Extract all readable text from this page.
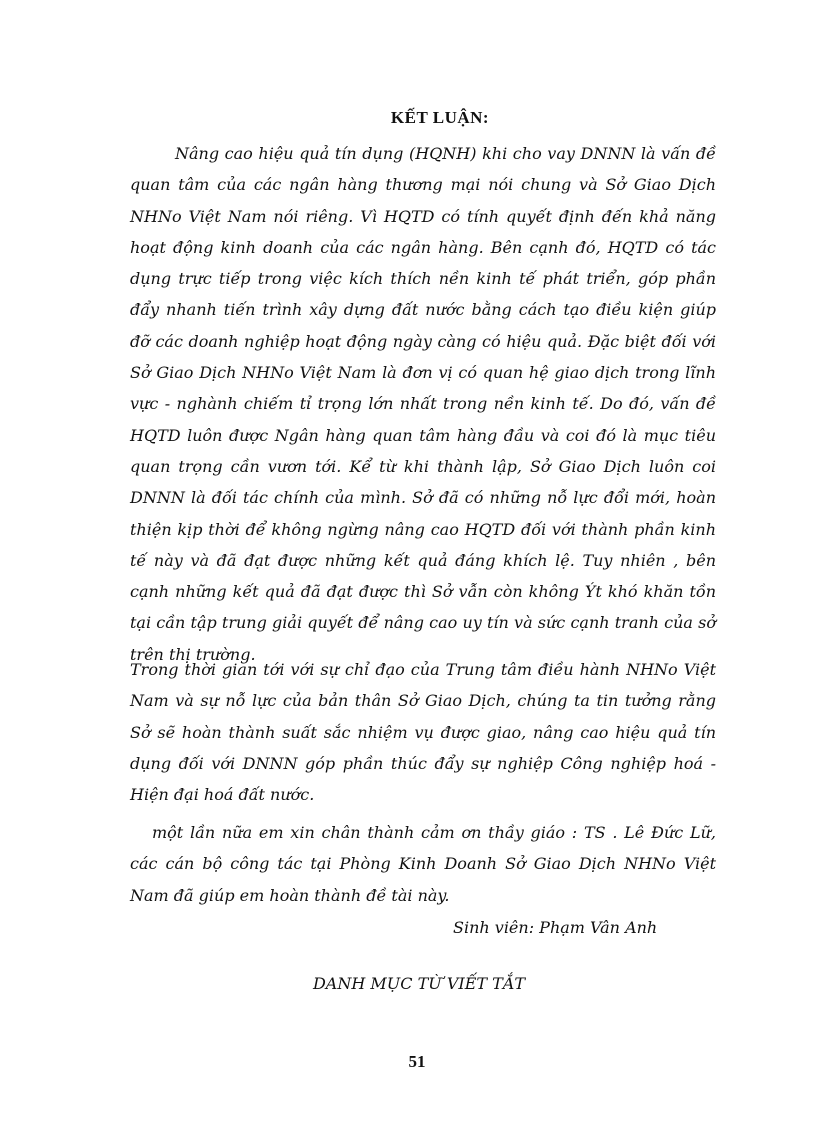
KẾT LUẬN:

Nâng cao hiệu quả tín dụng (HQNH) khi cho vay DNNN là vấn đề quan tâm của các ngân hàng thương mại nói chung và Sở Giao Dịch NHNo Việt Nam nói riêng. Vì HQTD có tính quyết định đến khả năng hoạt động kinh doanh của các ngân hàng. Bên cạnh đó, HQTD có tác dụng trực tiếp trong việc kích thích nền kinh tế phát triển, góp phần đẩy nhanh tiến trình xây dựng đất nước bằng cách tạo điều kiện giúp đỡ các doanh nghiệp hoạt động ngày càng có hiệu quả. Đặc biệt đối với Sở Giao Dịch NHNo Việt Nam là đơn vị có quan hệ giao dịch trong lĩnh vực - nghành chiếm tỉ trọng lớn nhất trong nền kinh tế. Do đó, vấn đề HQTD luôn được Ngân hàng quan tâm hàng đầu và coi đó là mục tiêu quan trọng cần vươn tới. Kể từ khi thành lập, Sở Giao Dịch luôn coi DNNN là đối tác chính của mình. Sở đã có những nỗ lực đổi mới, hoàn thiện kịp thời để không ngừng nâng cao HQTD đối với thành phần kinh tế này và đã đạt được những kết quả đáng khích lệ. Tuy nhiên , bên cạnh những kết quả đã đạt được thì Sở vẫn còn không Ýt khó khăn tồn tại cần tập trung giải quyết để nâng cao uy tín và sức cạnh tranh của sở trên thị trường.

Trong thời gian tới với sự chỉ đạo của Trung tâm điều hành NHNo Việt Nam và sự nỗ lực của bản thân Sở Giao Dịch, chúng ta tin tưởng rằng Sở sẽ hoàn thành suất sắc nhiệm vụ được giao, nâng cao hiệu quả tín dụng đối với DNNN góp phần thúc đẩy sự nghiệp Công nghiệp hoá - Hiện đại hoá đất nước.

một lần nữa em xin chân thành cảm ơn thầy giáo : TS . Lê Đức Lữ, các cán bộ công tác tại Phòng Kinh Doanh Sở Giao Dịch NHNo Việt Nam đã giúp em hoàn thành đề tài này.

Sinh viên: Phạm Vân Anh

DANH MỤC TỪ VIẾT TẮT

51
